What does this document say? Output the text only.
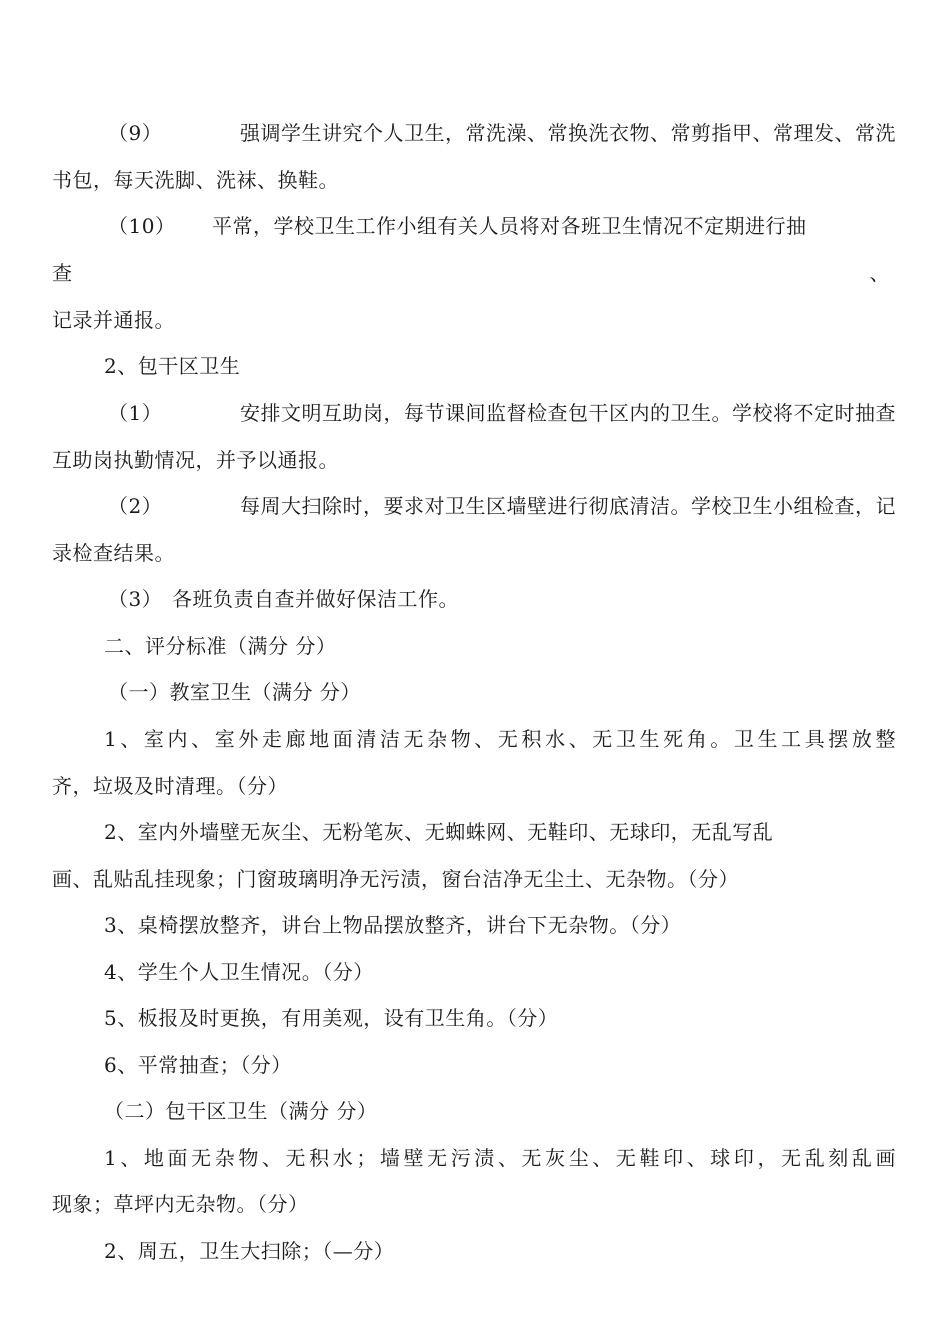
（9）	强调学生讲究个人卫生，常洗澡、常换洗衣物、常剪指甲、常理发、常洗
书包，每天洗脚、洗袜、换鞋。
（10） 平常，学校卫生工作小组有关人员将对各班卫生情况不定期进行抽
查	、
记录并通报。
2、包干区卫生
（1）	安排文明互助岗，每节课间监督检查包干区内的卫生。学校将不定时抽查
互助岗执勤情况，并予以通报。
（2）	每周大扫除时，要求对卫生区墙壁进行彻底清洁。学校卫生小组检查，记
录检查结果。
（3） 各班负责自查并做好保洁工作。
二、评分标准（满分 分）
（一）教室卫生（满分 分）
1、室内、室外走廊地面清洁无杂物、无积水、无卫生死角。卫生工具摆放整
齐，垃圾及时清理。（分）
2、室内外墙壁无灰尘、无粉笔灰、无蜘蛛网、无鞋印、无球印，无乱写乱
画、乱贴乱挂现象；门窗玻璃明净无污渍，窗台洁净无尘土、无杂物。（分）
3、桌椅摆放整齐，讲台上物品摆放整齐，讲台下无杂物。（分）
4、学生个人卫生情况。（分）
5、板报及时更换，有用美观，设有卫生角。（分）
6、平常抽查；（分）
（二）包干区卫生（满分 分）
1、地面无杂物、无积水；墙壁无污渍、无灰尘、无鞋印、球印，无乱刻乱画
现象；草坪内无杂物。（分）
2、周五，卫生大扫除；（—分）
